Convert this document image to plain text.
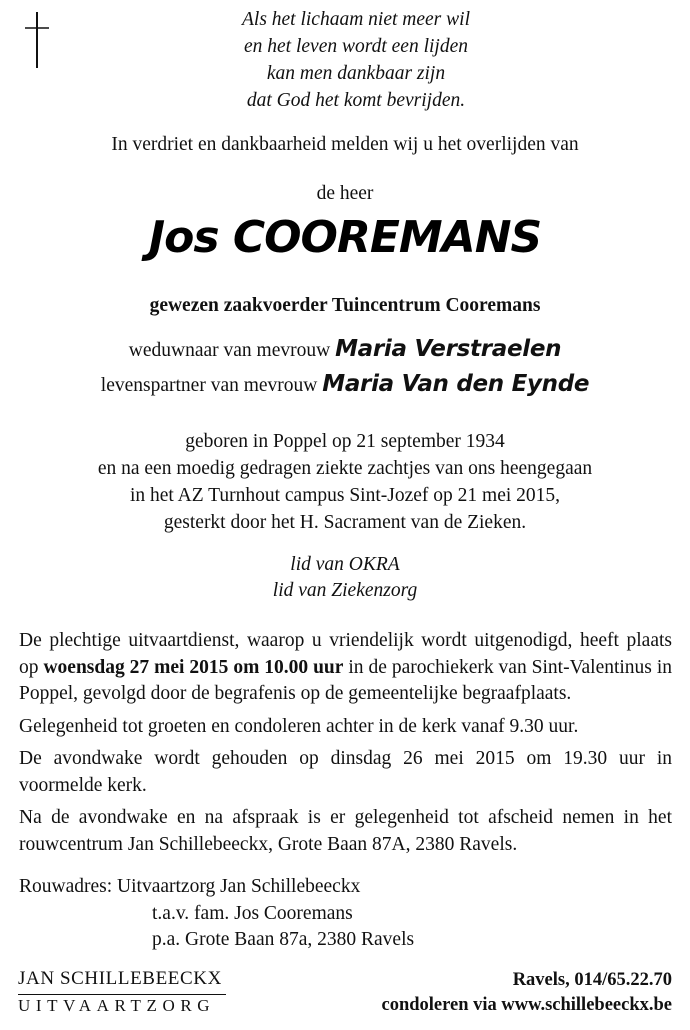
Als het lichaam niet meer wil
en het leven wordt een lijden
kan men dankbaar zijn
dat God het komt bevrijden.
In verdriet en dankbaarheid melden wij u het overlijden van
de heer
Jos COOREMANS
gewezen zaakvoerder Tuincentrum Cooremans
weduwnaar van mevrouw Maria Verstraelen
levenspartner van mevrouw Maria Van den Eynde
geboren in Poppel op 21 september 1934
en na een moedig gedragen ziekte zachtjes van ons heengegaan
in het AZ Turnhout campus Sint-Jozef op 21 mei 2015,
gesterkt door het H. Sacrament van de Zieken.
lid van OKRA
lid van Ziekenzorg

De plechtige uitvaartdienst, waarop u vriendelijk wordt uitgenodigd, heeft plaats op woensdag 27 mei 2015 om 10.00 uur in de parochiekerk van Sint-Valentinus in Poppel, gevolgd door de begrafenis op de gemeentelijke begraafplaats.

Gelegenheid tot groeten en condoleren achter in de kerk vanaf 9.30 uur.

De avondwake wordt gehouden op dinsdag 26 mei 2015 om 19.30 uur in voormelde kerk.

Na de avondwake en na afspraak is er gelegenheid tot afscheid nemen in het rouwcentrum Jan Schillebeeckx, Grote Baan 87A, 2380 Ravels.

Rouwadres: Uitvaartzorg Jan Schillebeeckx
t.a.v. fam. Jos Cooremans
p.a. Grote Baan 87a, 2380 Ravels
JAN SCHILLEBEECKX
UITVAARTZORG
Ravels, 014/65.22.70
condoleren via www.schillebeeckx.be
